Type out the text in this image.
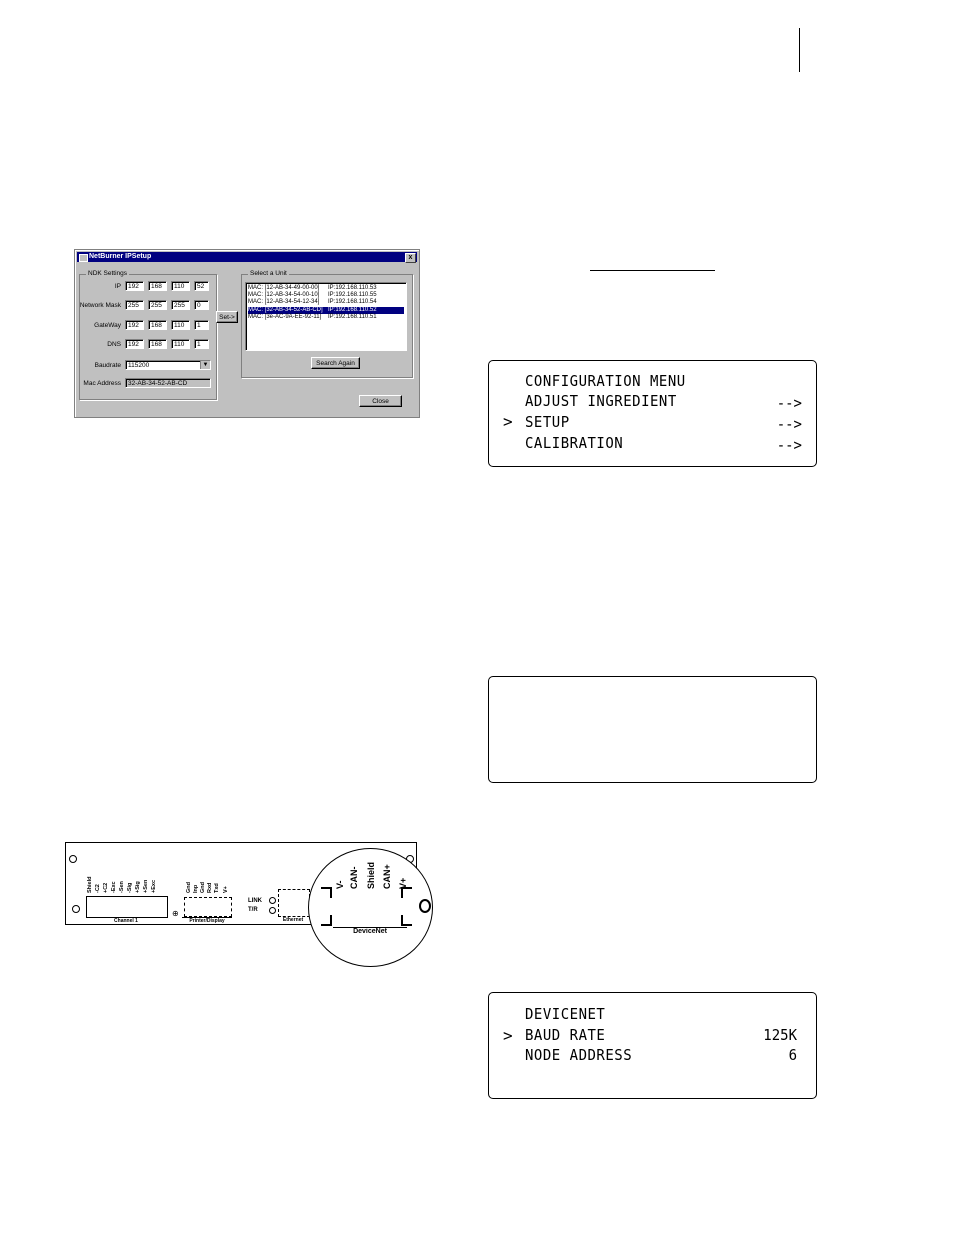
NetBurner IPSetup	x
NDK Settings
IP	192	168	110	52
Network Mask	255	255	255	0
GateWay	192	168	110	1
DNS	192	168	110	1
Baudrate	115200	▼
Mac Address	32-AB-34-52-AB-CD
Set->
Select a Unit
MAC: [12-AB-34-49-00-00] IP:192.168.110.53
MAC: [12-AB-34-54-00-10] IP:192.168.110.55
MAC: [12-AB-34-54-12-34] IP:192.168.110.54
MAC: [32-AB-34-52-AB-CD] IP:192.168.110.52
MAC: [3e-AC-9A-EE-92-11] IP:192.168.110.51
Search Again
Close
CONFIGURATION MENU
ADJUST INGREDIENT	-->
> SETUP	-->
CALIBRATION	-->
DEVICENET
> BAUD RATE	125K
NODE ADDRESS	6
Shield -C2 +C2 -Exc -Sen -Sig +Sig +Sen +Exc
Channel 1
⊕
Gnd Inp Gnd Rxd Txd V+
Printer/Display
LINK
T/R
Ethernet
V- CAN- Shield CAN+ V+
DeviceNet
